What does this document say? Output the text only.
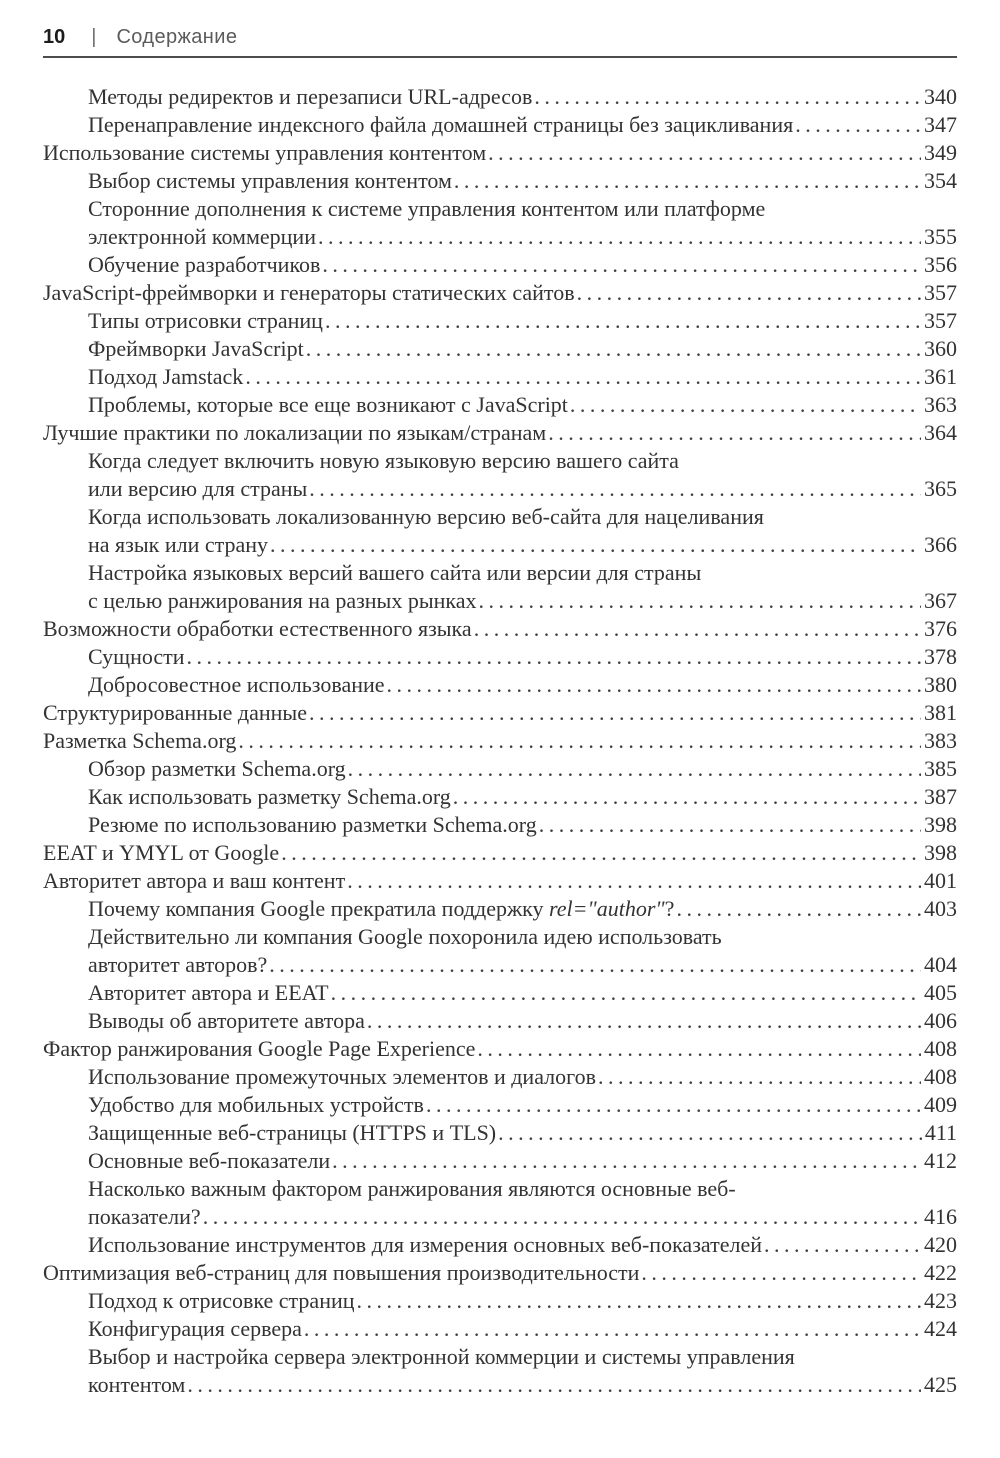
10 | Содержание
Методы редиректов и перезаписи URL-адресов .....	340
Перенаправление индексного файла домашней страницы без зацикливания .....	347
Использование системы управления контентом .....	349
Выбор системы управления контентом .....	354
Сторонние дополнения к системе управления контентом или платформе
электронной коммерции .....	355
Обучение разработчиков .....	356
JavaScript-фреймворки и генераторы статических сайтов .....	357
Типы отрисовки страниц .....	357
Фреймворки JavaScript .....	360
Подход Jamstack .....	361
Проблемы, которые все еще возникают с JavaScript .....	363
Лучшие практики по локализации по языкам/странам .....	364
Когда следует включить новую языковую версию вашего сайта
или версию для страны .....	365
Когда использовать локализованную версию веб-сайта для нацеливания
на язык или страну .....	366
Настройка языковых версий вашего сайта или версии для страны
с целью ранжирования на разных рынках .....	367
Возможности обработки естественного языка .....	376
Сущности .....	378
Добросовестное использование .....	380
Структурированные данные .....	381
Разметка Schema.org .....	383
Обзор разметки Schema.org .....	385
Как использовать разметку Schema.org .....	387
Резюме по использованию разметки Schema.org .....	398
EEAT и YMYL от Google .....	398
Авторитет автора и ваш контент .....	401
Почему компания Google прекратила поддержку rel="author"? .....	403
Действительно ли компания Google похоронила идею использовать
авторитет авторов? .....	404
Авторитет автора и EEAT .....	405
Выводы об авторитете автора .....	406
Фактор ранжирования Google Page Experience .....	408
Использование промежуточных элементов и диалогов .....	408
Удобство для мобильных устройств .....	409
Защищенные веб-страницы (HTTPS и TLS) .....	411
Основные веб-показатели .....	412
Насколько важным фактором ранжирования являются основные веб-
показатели? .....	416
Использование инструментов для измерения основных веб-показателей .....	420
Оптимизация веб-страниц для повышения производительности .....	422
Подход к отрисовке страниц .....	423
Конфигурация сервера .....	424
Выбор и настройка сервера электронной коммерции и системы управления
контентом .....	425
